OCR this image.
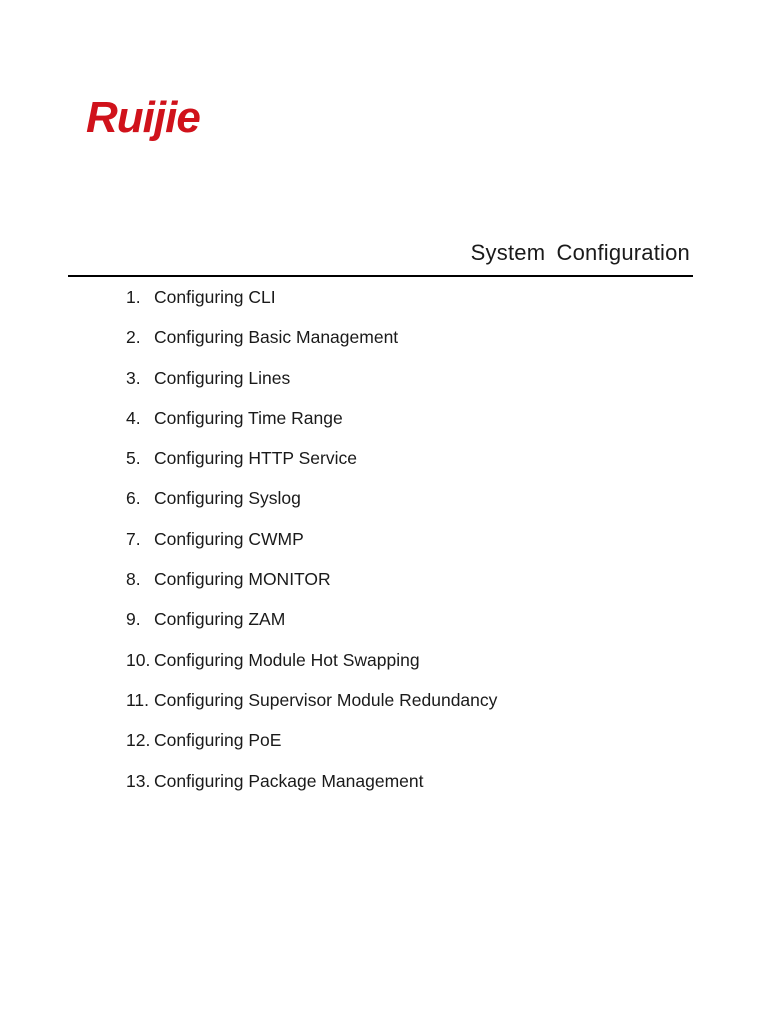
Ruijie
System Configuration
1. Configuring CLI
2. Configuring Basic Management
3. Configuring Lines
4. Configuring Time Range
5. Configuring HTTP Service
6. Configuring Syslog
7. Configuring CWMP
8. Configuring MONITOR
9. Configuring ZAM
10. Configuring Module Hot Swapping
11. Configuring Supervisor Module Redundancy
12. Configuring PoE
13. Configuring Package Management
